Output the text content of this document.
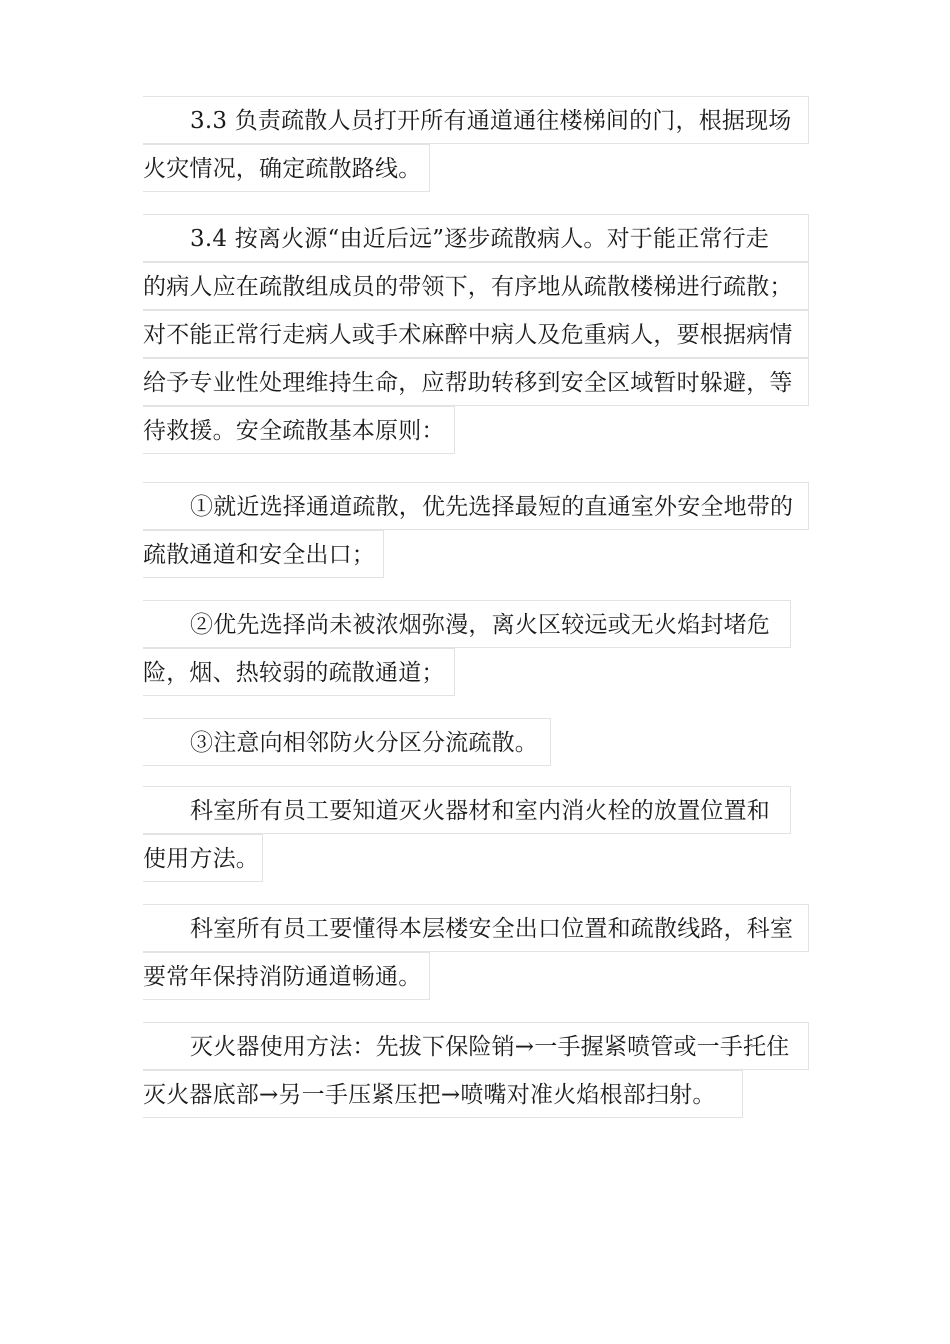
3.3 负责疏散人员打开所有通道通往楼梯间的门，根据现场
火灾情况，确定疏散路线。
3.4 按离火源“由近后远”逐步疏散病人。对于能正常行走
的病人应在疏散组成员的带领下，有序地从疏散楼梯进行疏散；
对不能正常行走病人或手术麻醉中病人及危重病人，要根据病情
给予专业性处理维持生命，应帮助转移到安全区域暂时躲避，等
待救援。安全疏散基本原则：
①就近选择通道疏散，优先选择最短的直通室外安全地带的
疏散通道和安全出口；
②优先选择尚未被浓烟弥漫，离火区较远或无火焰封堵危
险，烟、热较弱的疏散通道；
③注意向相邻防火分区分流疏散。
科室所有员工要知道灭火器材和室内消火栓的放置位置和
使用方法。
科室所有员工要懂得本层楼安全出口位置和疏散线路，科室
要常年保持消防通道畅通。
灭火器使用方法：先拔下保险销→一手握紧喷管或一手托住
灭火器底部→另一手压紧压把→喷嘴对准火焰根部扫射。
